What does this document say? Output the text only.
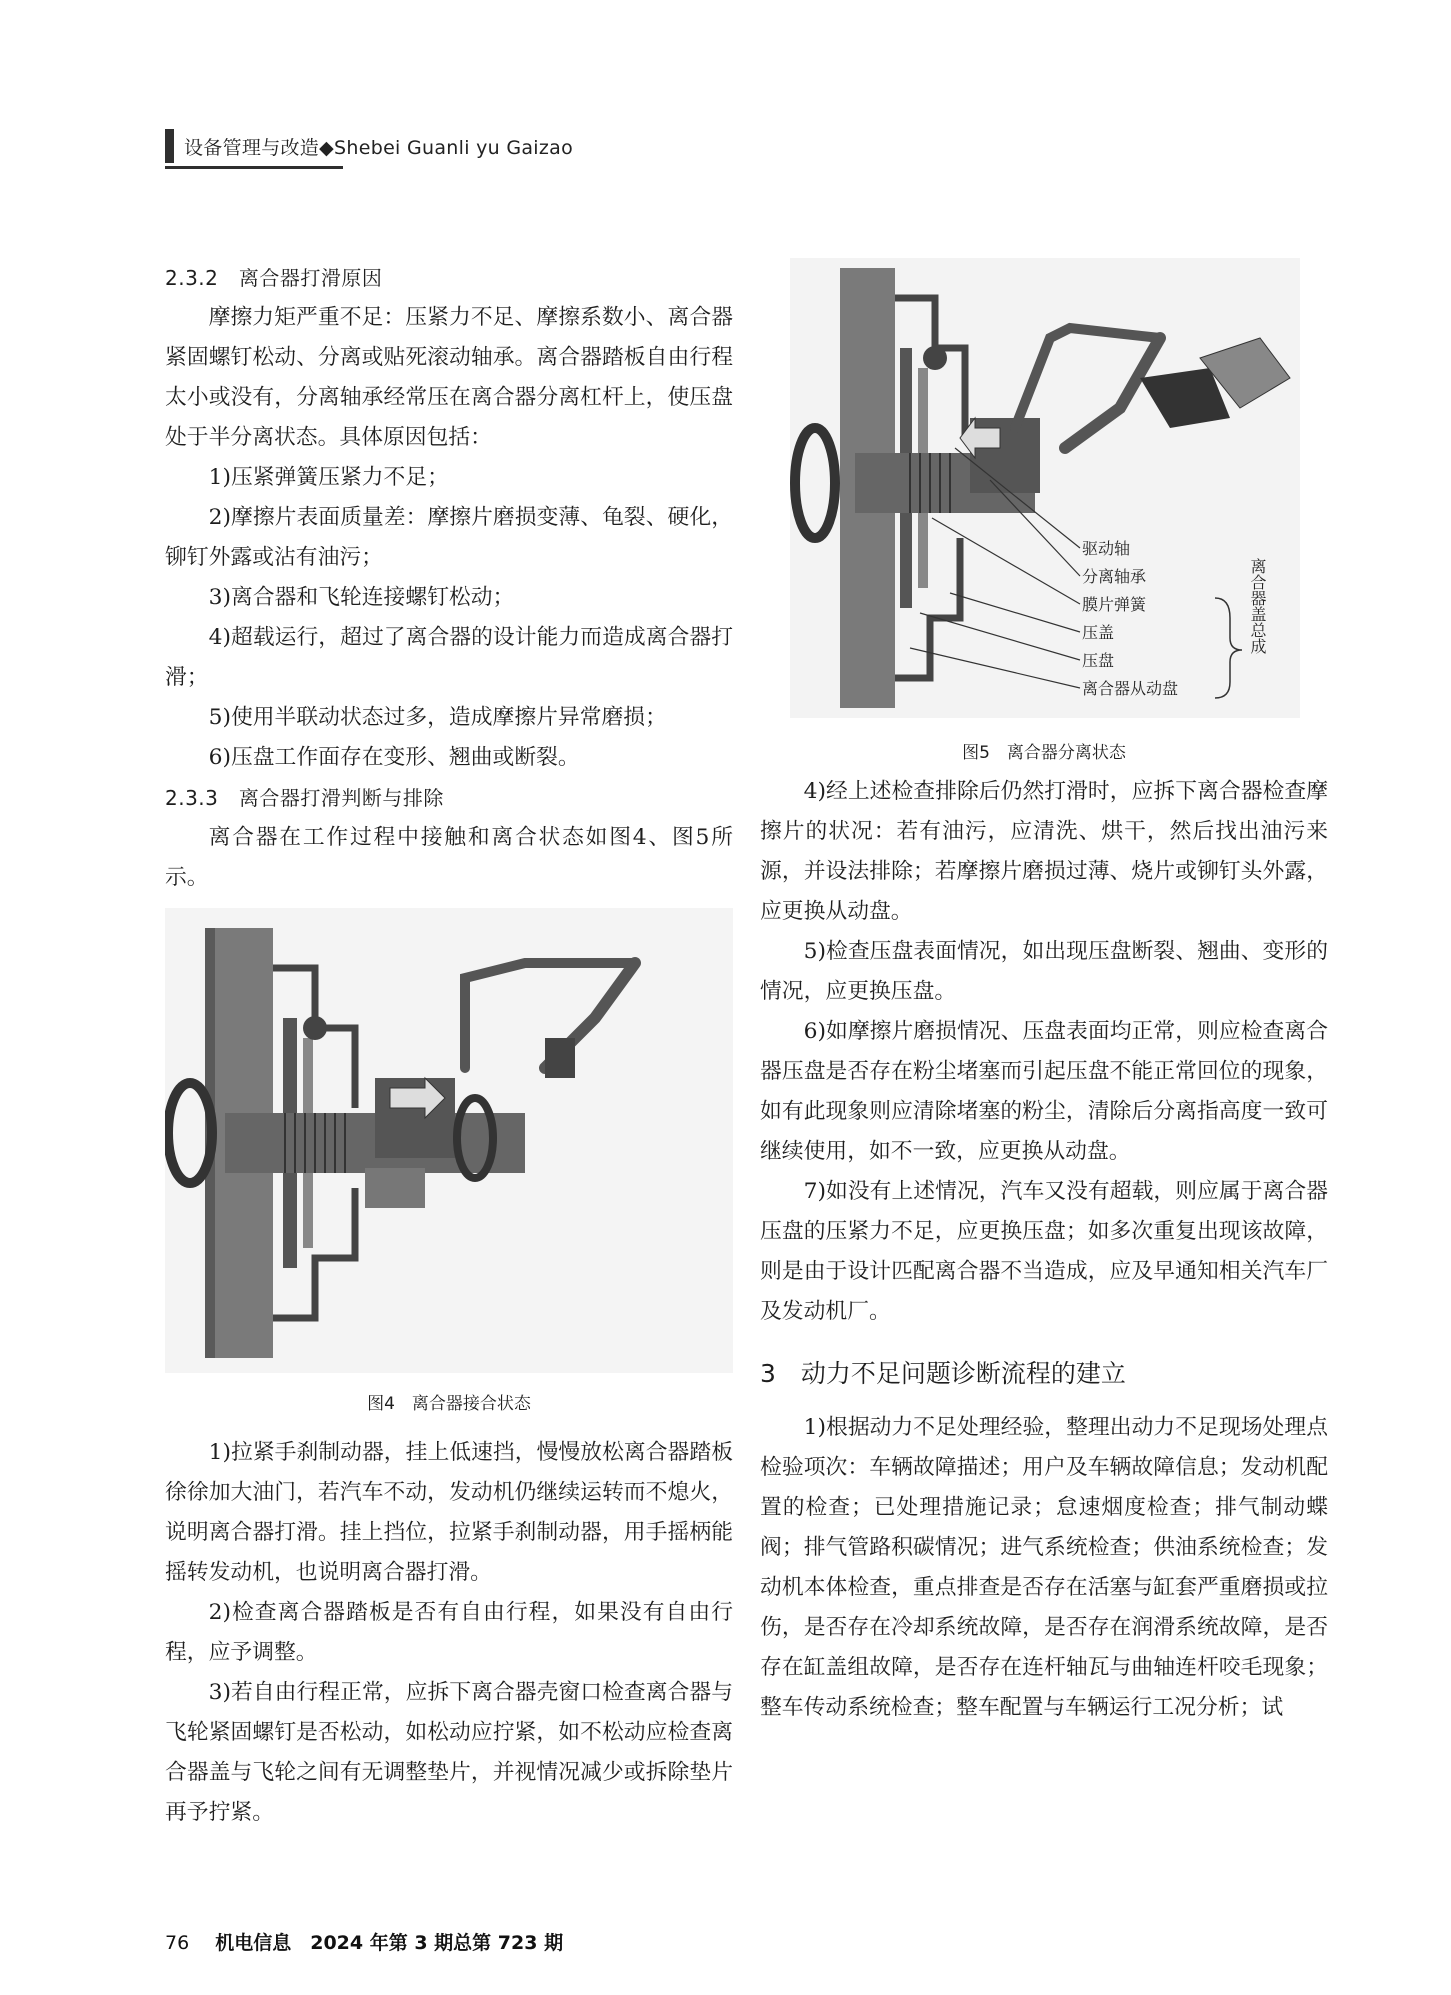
设备管理与改造◆Shebei Guanli yu Gaizao

2.3.2　离合器打滑原因

摩擦力矩严重不足：压紧力不足、摩擦系数小、离合器紧固螺钉松动、分离或贴死滚动轴承。离合器踏板自由行程太小或没有，分离轴承经常压在离合器分离杠杆上，使压盘处于半分离状态。具体原因包括：

1)压紧弹簧压紧力不足；

2)摩擦片表面质量差：摩擦片磨损变薄、龟裂、硬化，铆钉外露或沾有油污；

3)离合器和飞轮连接螺钉松动；

4)超载运行，超过了离合器的设计能力而造成离合器打滑；

5)使用半联动状态过多，造成摩擦片异常磨损；

6)压盘工作面存在变形、翘曲或断裂。

2.3.3　离合器打滑判断与排除

离合器在工作过程中接触和离合状态如图4、图5所示。

图4　离合器接合状态

1)拉紧手刹制动器，挂上低速挡，慢慢放松离合器踏板徐徐加大油门，若汽车不动，发动机仍继续运转而不熄火，说明离合器打滑。挂上挡位，拉紧手刹制动器，用手摇柄能摇转发动机，也说明离合器打滑。

2)检查离合器踏板是否有自由行程，如果没有自由行程，应予调整。

3)若自由行程正常，应拆下离合器壳窗口检查离合器与飞轮紧固螺钉是否松动，如松动应拧紧，如不松动应检查离合器盖与飞轮之间有无调整垫片，并视情况减少或拆除垫片再予拧紧。

驱动轴
分离轴承
膜片弹簧
压盖
压盘
离合器从动盘
离合器盖总成
图5　离合器分离状态

4)经上述检查排除后仍然打滑时，应拆下离合器检查摩擦片的状况：若有油污，应清洗、烘干，然后找出油污来源，并设法排除；若摩擦片磨损过薄、烧片或铆钉头外露，应更换从动盘。

5)检查压盘表面情况，如出现压盘断裂、翘曲、变形的情况，应更换压盘。

6)如摩擦片磨损情况、压盘表面均正常，则应检查离合器压盘是否存在粉尘堵塞而引起压盘不能正常回位的现象，如有此现象则应清除堵塞的粉尘，清除后分离指高度一致可继续使用，如不一致，应更换从动盘。

7)如没有上述情况，汽车又没有超载，则应属于离合器压盘的压紧力不足，应更换压盘；如多次重复出现该故障，则是由于设计匹配离合器不当造成，应及早通知相关汽车厂及发动机厂。

3　动力不足问题诊断流程的建立

1)根据动力不足处理经验，整理出动力不足现场处理点检验项次：车辆故障描述；用户及车辆故障信息；发动机配置的检查；已处理措施记录；怠速烟度检查；排气制动蝶阀；排气管路积碳情况；进气系统检查；供油系统检查；发动机本体检查，重点排查是否存在活塞与缸套严重磨损或拉伤，是否存在冷却系统故障，是否存在润滑系统故障，是否存在缸盖组故障，是否存在连杆轴瓦与曲轴连杆咬毛现象；整车传动系统检查；整车配置与车辆运行工况分析；试

76 机电信息　2024 年第 3 期总第 723 期
